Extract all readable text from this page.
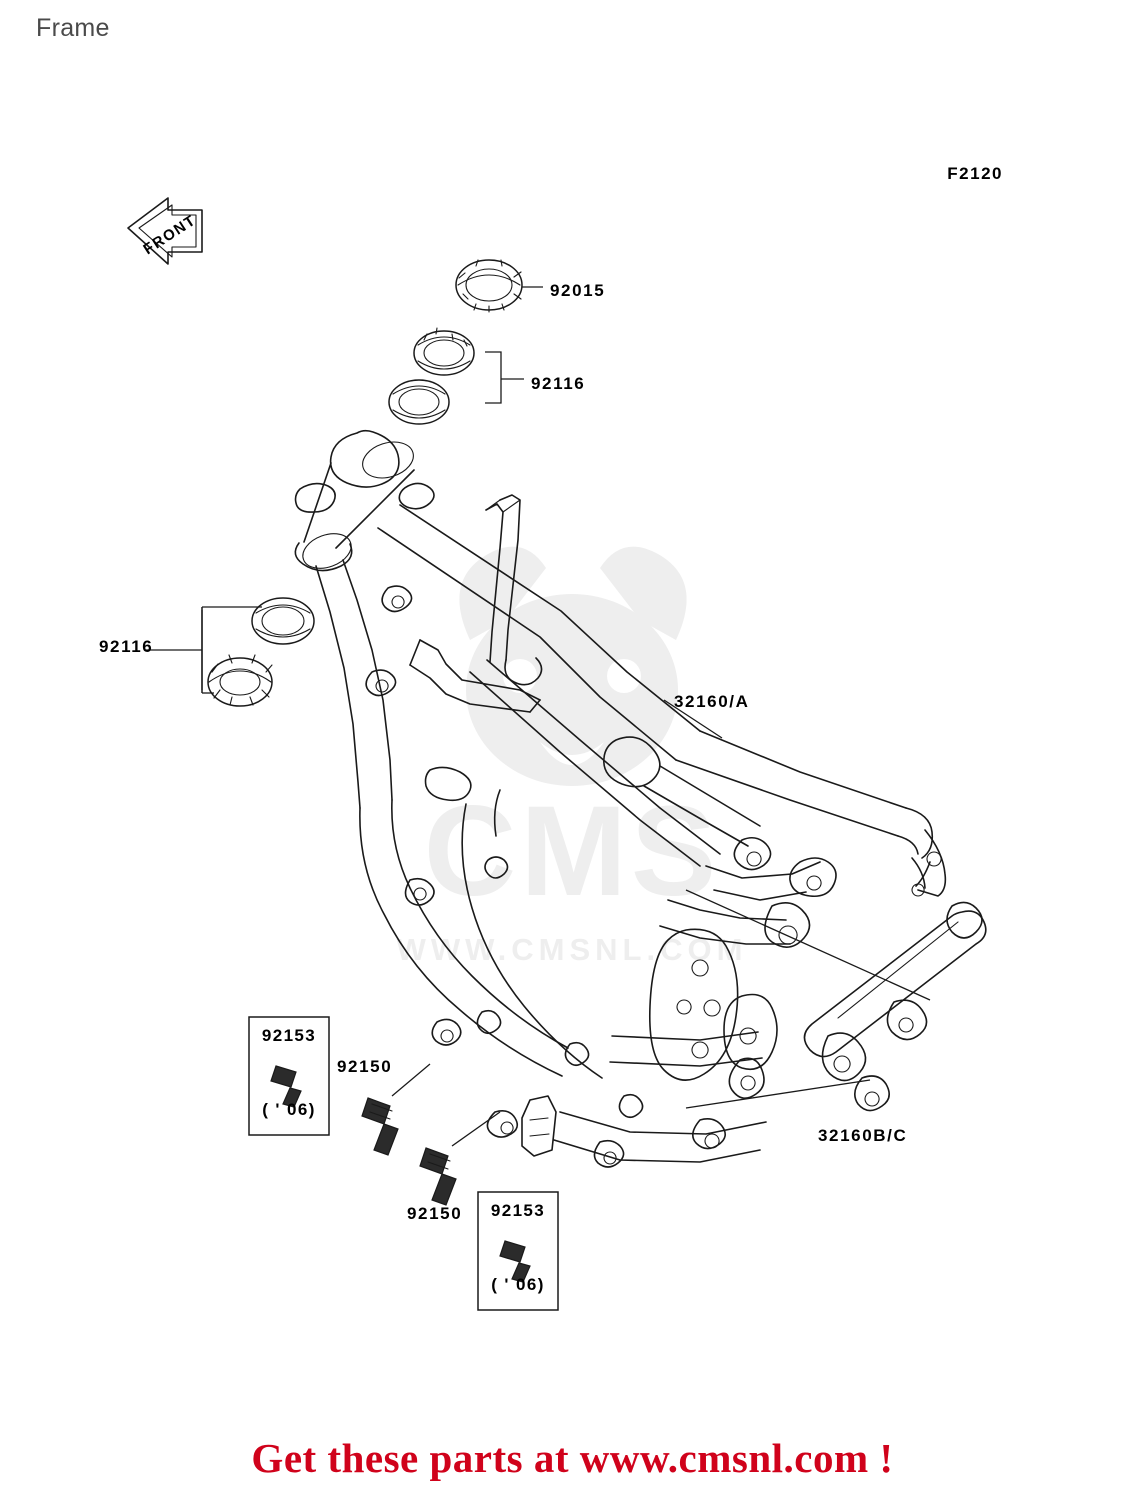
Frame
F2120
CMS
WWW.CMSNL.COM
FRONT
92015
92116
92116
32160/A
32160B/C
92150
92150
92153
( ' 06)
92153
( ' 06)
Get these parts at www.cmsnl.com !
